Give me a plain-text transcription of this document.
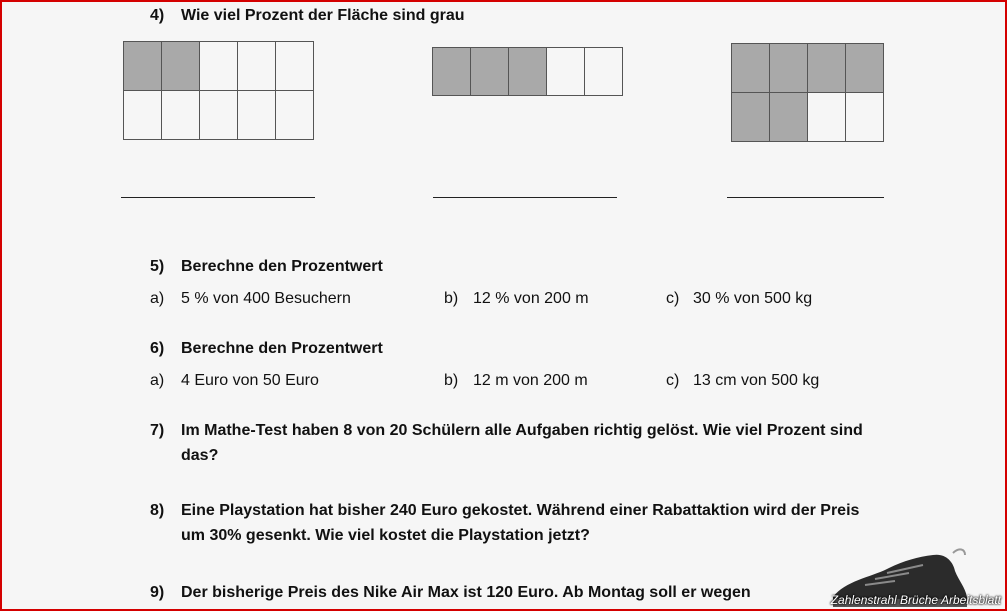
4) Wie viel Prozent der Fläche sind grau
5) Berechne den Prozentwert
a) 5 % von 400 Besuchern	b) 12 % von 200 m	c) 30 % von 500 kg
6) Berechne den Prozentwert
a) 4 Euro von 50 Euro	b) 12 m von 200 m	c) 13 cm von 500 kg
7) Im Mathe-Test haben 8 von 20 Schülern alle Aufgaben richtig gelöst. Wie viel Prozent sind
das?
8) Eine Playstation hat bisher 240 Euro gekostet. Während einer Rabattaktion wird der Preis
um 30% gesenkt. Wie viel kostet die Playstation jetzt?
9) Der bisherige Preis des Nike Air Max ist 120 Euro. Ab Montag soll er wegen	Zahlenstrahl Brüche Arbeitsblatt
